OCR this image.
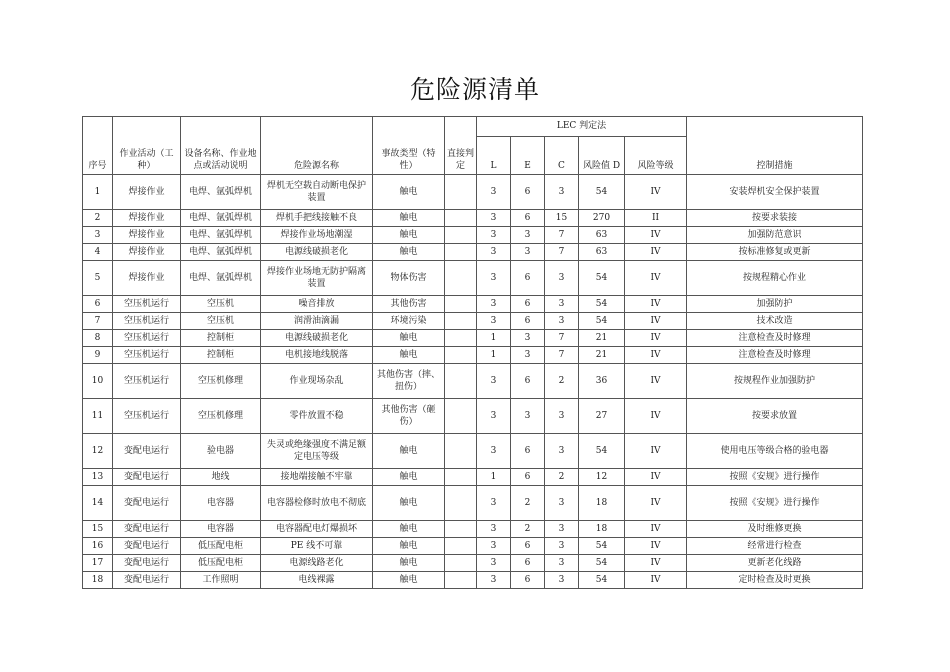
危险源清单
序号	作业活动（工种）	设备名称、作业地点或活动说明	危险源名称	事故类型（特性）	直接判定	LEC 判定法					控制措施
						L	E	C	风险值 D	风险等级	
1	焊接作业	电焊、氩弧焊机	焊机无空载自动断电保护装置	触电		3	6	3	54	IV	安装焊机安全保护装置
2	焊接作业	电焊、氩弧焊机	焊机手把线接触不良	触电		3	6	15	270	II	按要求装接
3	焊接作业	电焊、氩弧焊机	焊接作业场地潮湿	触电		3	3	7	63	IV	加强防范意识
4	焊接作业	电焊、氩弧焊机	电源线破损老化	触电		3	3	7	63	IV	按标准修复或更新
5	焊接作业	电焊、氩弧焊机	焊接作业场地无防护隔离装置	物体伤害		3	6	3	54	IV	按规程精心作业
6	空压机运行	空压机	噪音排放	其他伤害		3	6	3	54	IV	加强防护
7	空压机运行	空压机	润滑油滴漏	环境污染		3	6	3	54	IV	技术改造
8	空压机运行	控制柜	电源线破损老化	触电		1	3	7	21	IV	注意检查及时修理
9	空压机运行	控制柜	电机接地线脱落	触电		1	3	7	21	IV	注意检查及时修理
10	空压机运行	空压机修理	作业现场杂乱	其他伤害（摔、扭伤）		3	6	2	36	IV	按规程作业加强防护
11	空压机运行	空压机修理	零件放置不稳	其他伤害（砸伤）		3	3	3	27	IV	按要求放置
12	变配电运行	验电器	失灵或绝缘强度不满足额定电压等级	触电		3	6	3	54	IV	使用电压等级合格的验电器
13	变配电运行	地线	接地端接触不牢靠	触电		1	6	2	12	IV	按照《安规》进行操作
14	变配电运行	电容器	电容器检修时放电不彻底	触电		3	2	3	18	IV	按照《安规》进行操作
15	变配电运行	电容器	电容器配电灯爆损坏	触电		3	2	3	18	IV	及时维修更换
16	变配电运行	低压配电柜	PE 线不可靠	触电		3	6	3	54	IV	经常进行检查
17	变配电运行	低压配电柜	电源线路老化	触电		3	6	3	54	IV	更新老化线路
18	变配电运行	工作照明	电线裸露	触电		3	6	3	54	IV	定时检查及时更换
